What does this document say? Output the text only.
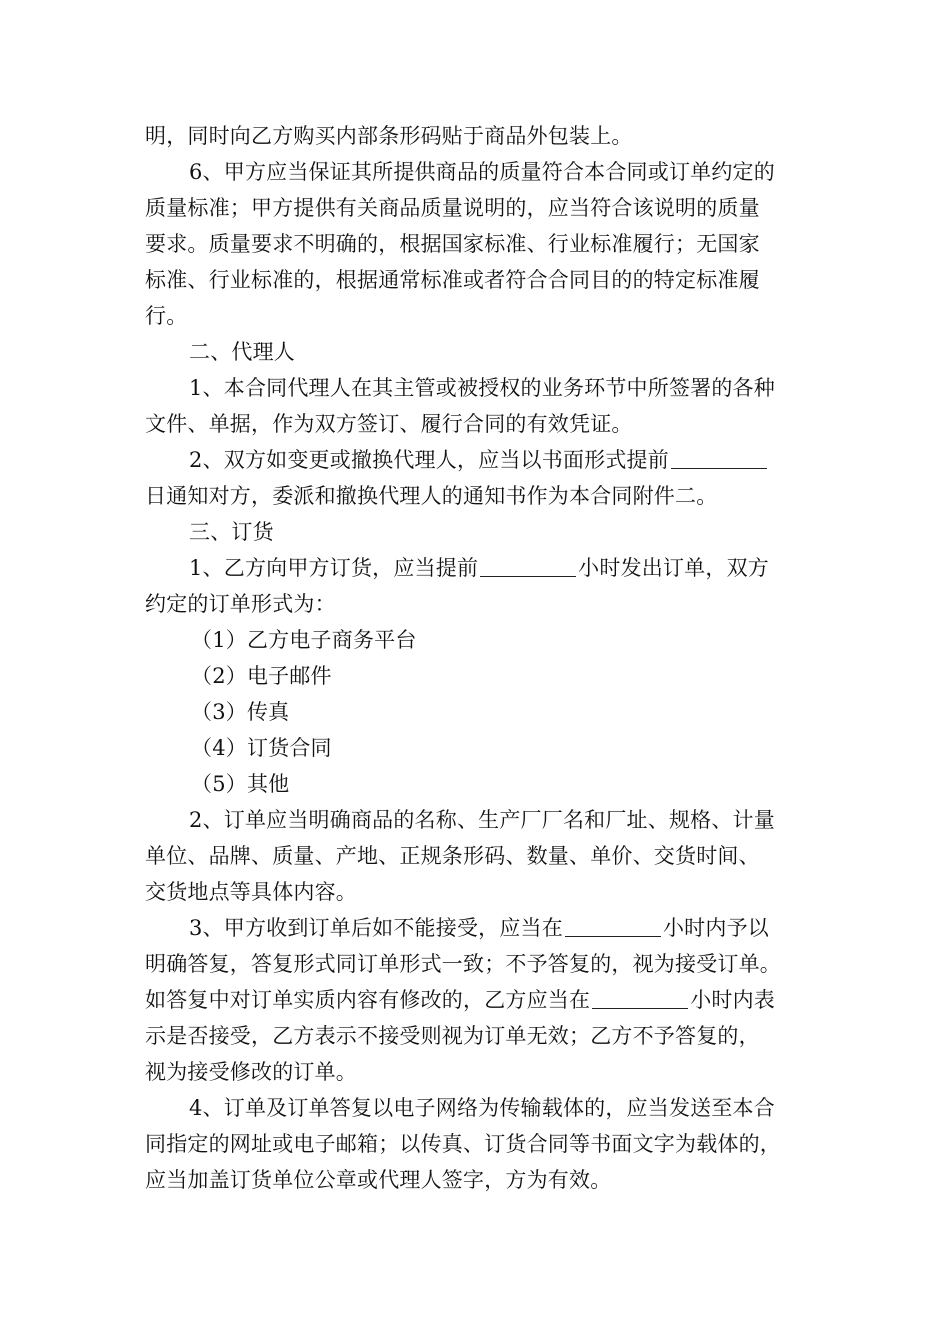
明，同时向乙方购买内部条形码贴于商品外包装上。
6、甲方应当保证其所提供商品的质量符合本合同或订单约定的
质量标准；甲方提供有关商品质量说明的，应当符合该说明的质量
要求。质量要求不明确的，根据国家标准、行业标准履行；无国家
标准、行业标准的，根据通常标准或者符合合同目的的特定标准履
行。
二、代理人
1、本合同代理人在其主管或被授权的业务环节中所签署的各种
文件、单据，作为双方签订、履行合同的有效凭证。
2、双方如变更或撤换代理人，应当以书面形式提前
日通知对方，委派和撤换代理人的通知书作为本合同附件二。
三、订货
1、乙方向甲方订货，应当提前	小时发出订单，双方
约定的订单形式为：
（1）乙方电子商务平台
（2）电子邮件
（3）传真
（4）订货合同
（5）其他
2、订单应当明确商品的名称、生产厂厂名和厂址、规格、计量
单位、品牌、质量、产地、正规条形码、数量、单价、交货时间、
交货地点等具体内容。
3、甲方收到订单后如不能接受，应当在	小时内予以
明确答复，答复形式同订单形式一致；不予答复的，视为接受订单。
如答复中对订单实质内容有修改的，乙方应当在	小时内表
示是否接受，乙方表示不接受则视为订单无效；乙方不予答复的，
视为接受修改的订单。
4、订单及订单答复以电子网络为传输载体的，应当发送至本合
同指定的网址或电子邮箱；以传真、订货合同等书面文字为载体的，
应当加盖订货单位公章或代理人签字，方为有效。
